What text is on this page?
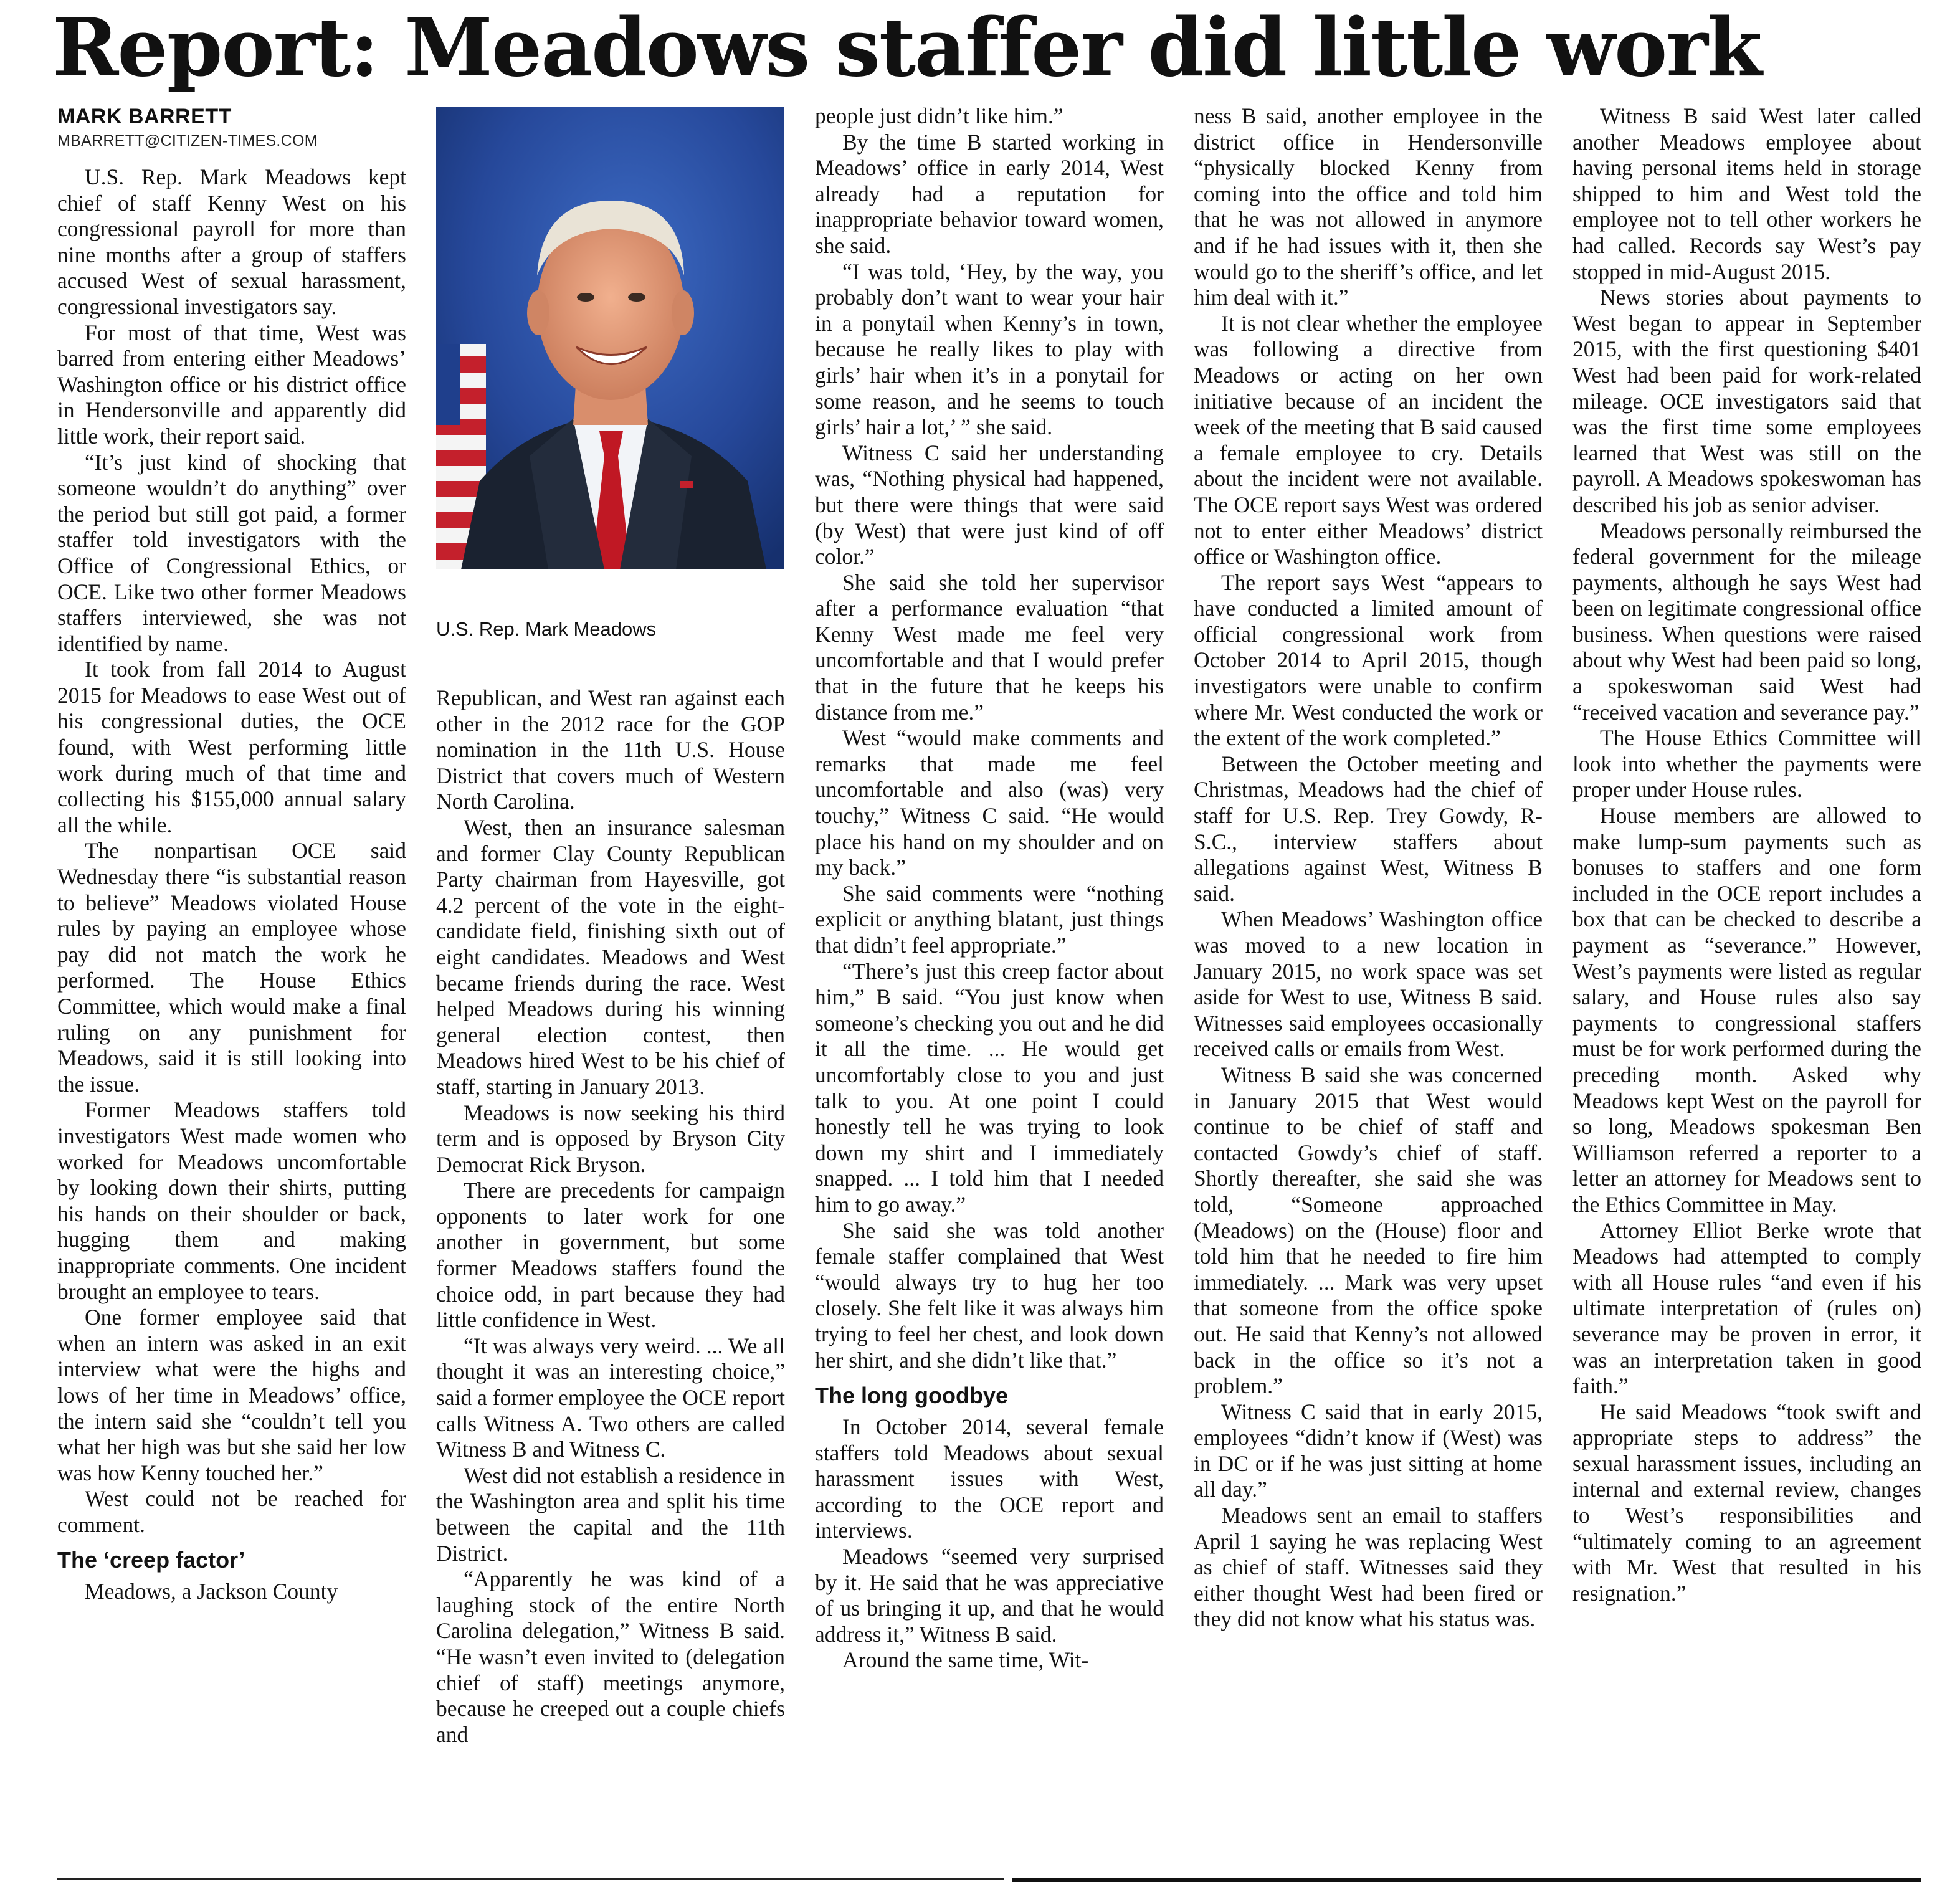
Report: Meadows staffer did little work
MARK BARRETT
MBARRETT@CITIZEN-TIMES.COM

U.S. Rep. Mark Meadows kept chief of staff Kenny West on his congressional payroll for more than nine months after a group of staffers accused West of sexual harassment, congressional investigators say.

For most of that time, West was barred from entering either Meadows’ Washington office or his district office in Hendersonville and apparently did little work, their report said.

“It’s just kind of shocking that someone wouldn’t do anything” over the period but still got paid, a former staffer told investigators with the Office of Congressional Ethics, or OCE. Like two other former Meadows staffers interviewed, she was not identified by name.

It took from fall 2014 to August 2015 for Meadows to ease West out of his congressional duties, the OCE found, with West performing little work during much of that time and collecting his $155,000 annual salary all the while.

The nonpartisan OCE said Wednesday there “is substantial reason to believe” Meadows violated House rules by paying an employee whose pay did not match the work he performed. The House Ethics Committee, which would make a final ruling on any punishment for Meadows, said it is still looking into the issue.

Former Meadows staffers told investigators West made women who worked for Meadows uncomfortable by looking down their shirts, putting his hands on their shoulder or back, hugging them and making inappropriate comments. One incident brought an employee to tears.

One former employee said that when an intern was asked in an exit interview what were the highs and lows of her time in Meadows’ office, the intern said she “couldn’t tell you what her high was but she said her low was how Kenny touched her.”

West could not be reached for comment.

The ‘creep factor’

Meadows, a Jackson County

U.S. Rep. Mark Meadows

Republican, and West ran against each other in the 2012 race for the GOP nomination in the 11th U.S. House District that covers much of Western North Carolina.

West, then an insurance salesman and former Clay County Republican Party chairman from Hayesville, got 4.2 percent of the vote in the eight-candidate field, finishing sixth out of eight candidates. Meadows and West became friends during the race. West helped Meadows during his winning general election contest, then Meadows hired West to be his chief of staff, starting in January 2013.

Meadows is now seeking his third term and is opposed by Bryson City Democrat Rick Bryson.

There are precedents for campaign opponents to later work for one another in government, but some former Meadows staffers found the choice odd, in part because they had little confidence in West.

“It was always very weird. ... We all thought it was an interesting choice,” said a former employee the OCE report calls Witness A. Two others are called Witness B and Witness C.

West did not establish a residence in the Washington area and split his time between the capital and the 11th District.

“Apparently he was kind of a laughing stock of the entire North Carolina delegation,” Witness B said. “He wasn’t even invited to (delegation chief of staff) meetings anymore, because he creeped out a couple chiefs and

people just didn’t like him.”

By the time B started working in Meadows’ office in early 2014, West already had a reputation for inappropriate behavior toward women, she said.

“I was told, ‘Hey, by the way, you probably don’t want to wear your hair in a ponytail when Kenny’s in town, because he really likes to play with girls’ hair when it’s in a ponytail for some reason, and he seems to touch girls’ hair a lot,’ ” she said.

Witness C said her understanding was, “Nothing physical had happened, but there were things that were said (by West) that were just kind of off color.”

She said she told her supervisor after a performance evaluation “that Kenny West made me feel very uncomfortable and that I would prefer that in the future that he keeps his distance from me.”

West “would make comments and remarks that made me feel uncomfortable and also (was) very touchy,” Witness C said. “He would place his hand on my shoulder and on my back.”

She said comments were “nothing explicit or anything blatant, just things that didn’t feel appropriate.”

“There’s just this creep factor about him,” B said. “You just know when someone’s checking you out and he did it all the time. ... He would get uncomfortably close to you and just talk to you. At one point I could honestly tell he was trying to look down my shirt and I immediately snapped. ... I told him that I needed him to go away.”

She said she was told another female staffer complained that West “would always try to hug her too closely. She felt like it was always him trying to feel her chest, and look down her shirt, and she didn’t like that.”

The long goodbye

In October 2014, several female staffers told Meadows about sexual harassment issues with West, according to the OCE report and interviews.

Meadows “seemed very surprised by it. He said that he was appreciative of us bringing it up, and that he would address it,” Witness B said.

Around the same time, Wit-

ness B said, another employee in the district office in Hendersonville “physically blocked Kenny from coming into the office and told him that he was not allowed in anymore and if he had issues with it, then she would go to the sheriff’s office, and let him deal with it.”

It is not clear whether the employee was following a directive from Meadows or acting on her own initiative because of an incident the week of the meeting that B said caused a female employee to cry. Details about the incident were not available. The OCE report says West was ordered not to enter either Meadows’ district office or Washington office.

The report says West “appears to have conducted a limited amount of official congressional work from October 2014 to April 2015, though investigators were unable to confirm where Mr. West conducted the work or the extent of the work completed.”

Between the October meeting and Christmas, Meadows had the chief of staff for U.S. Rep. Trey Gowdy, R-S.C., interview staffers about allegations against West, Witness B said.

When Meadows’ Washington office was moved to a new location in January 2015, no work space was set aside for West to use, Witness B said. Witnesses said employees occasionally received calls or emails from West.

Witness B said she was concerned in January 2015 that West would continue to be chief of staff and contacted Gowdy’s chief of staff. Shortly thereafter, she said she was told, “Someone approached (Meadows) on the (House) floor and told him that he needed to fire him immediately. ... Mark was very upset that someone from the office spoke out. He said that Kenny’s not allowed back in the office so it’s not a problem.”

Witness C said that in early 2015, employees “didn’t know if (West) was in DC or if he was just sitting at home all day.”

Meadows sent an email to staffers April 1 saying he was replacing West as chief of staff. Witnesses said they either thought West had been fired or they did not know what his status was.

Witness B said West later called another Meadows employee about having personal items held in storage shipped to him and West told the employee not to tell other workers he had called. Records say West’s pay stopped in mid-August 2015.

News stories about payments to West began to appear in September 2015, with the first questioning $401 West had been paid for work-related mileage. OCE investigators said that was the first time some employees learned that West was still on the payroll. A Meadows spokeswoman has described his job as senior adviser.

Meadows personally reimbursed the federal government for the mileage payments, although he says West had been on legitimate congressional office business. When questions were raised about why West had been paid so long, a spokeswoman said West had “received vacation and severance pay.”

The House Ethics Committee will look into whether the payments were proper under House rules.

House members are allowed to make lump-sum payments such as bonuses to staffers and one form included in the OCE report includes a box that can be checked to describe a payment as “severance.” However, West’s payments were listed as regular salary, and House rules also say payments to congressional staffers must be for work performed during the preceding month. Asked why Meadows kept West on the payroll for so long, Meadows spokesman Ben Williamson referred a reporter to a letter an attorney for Meadows sent to the Ethics Committee in May.

Attorney Elliot Berke wrote that Meadows had attempted to comply with all House rules “and even if his ultimate interpretation of (rules on) severance may be proven in error, it was an interpretation taken in good faith.”

He said Meadows “took swift and appropriate steps to address” the sexual harassment issues, including an internal and external review, changes to West’s responsibilities and “ultimately coming to an agreement with Mr. West that resulted in his resignation.”
